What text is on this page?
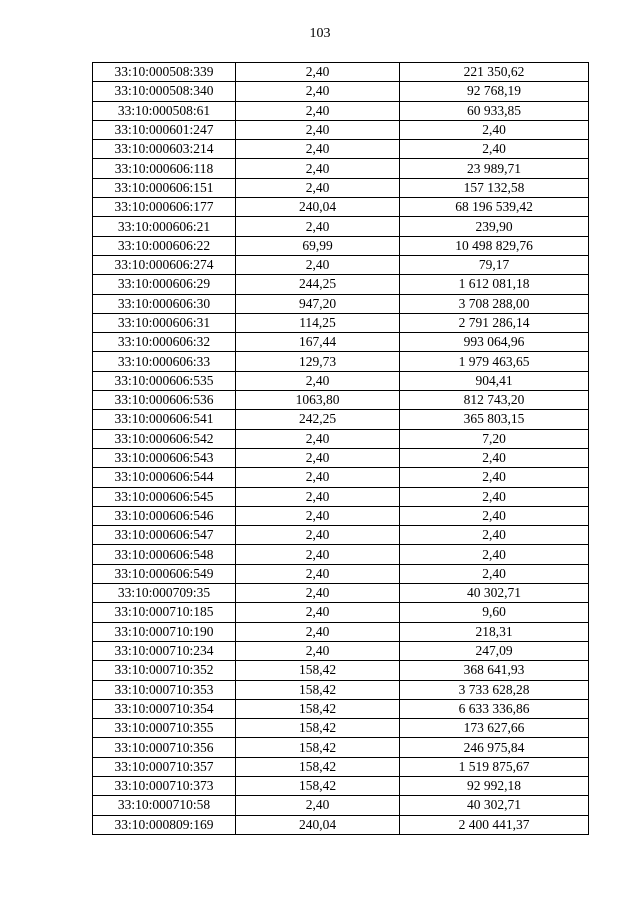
103
33:10:000508:339	2,40	221 350,62
33:10:000508:340	2,40	92 768,19
33:10:000508:61	2,40	60 933,85
33:10:000601:247	2,40	2,40
33:10:000603:214	2,40	2,40
33:10:000606:118	2,40	23 989,71
33:10:000606:151	2,40	157 132,58
33:10:000606:177	240,04	68 196 539,42
33:10:000606:21	2,40	239,90
33:10:000606:22	69,99	10 498 829,76
33:10:000606:274	2,40	79,17
33:10:000606:29	244,25	1 612 081,18
33:10:000606:30	947,20	3 708 288,00
33:10:000606:31	114,25	2 791 286,14
33:10:000606:32	167,44	993 064,96
33:10:000606:33	129,73	1 979 463,65
33:10:000606:535	2,40	904,41
33:10:000606:536	1063,80	812 743,20
33:10:000606:541	242,25	365 803,15
33:10:000606:542	2,40	7,20
33:10:000606:543	2,40	2,40
33:10:000606:544	2,40	2,40
33:10:000606:545	2,40	2,40
33:10:000606:546	2,40	2,40
33:10:000606:547	2,40	2,40
33:10:000606:548	2,40	2,40
33:10:000606:549	2,40	2,40
33:10:000709:35	2,40	40 302,71
33:10:000710:185	2,40	9,60
33:10:000710:190	2,40	218,31
33:10:000710:234	2,40	247,09
33:10:000710:352	158,42	368 641,93
33:10:000710:353	158,42	3 733 628,28
33:10:000710:354	158,42	6 633 336,86
33:10:000710:355	158,42	173 627,66
33:10:000710:356	158,42	246 975,84
33:10:000710:357	158,42	1 519 875,67
33:10:000710:373	158,42	92 992,18
33:10:000710:58	2,40	40 302,71
33:10:000809:169	240,04	2 400 441,37
